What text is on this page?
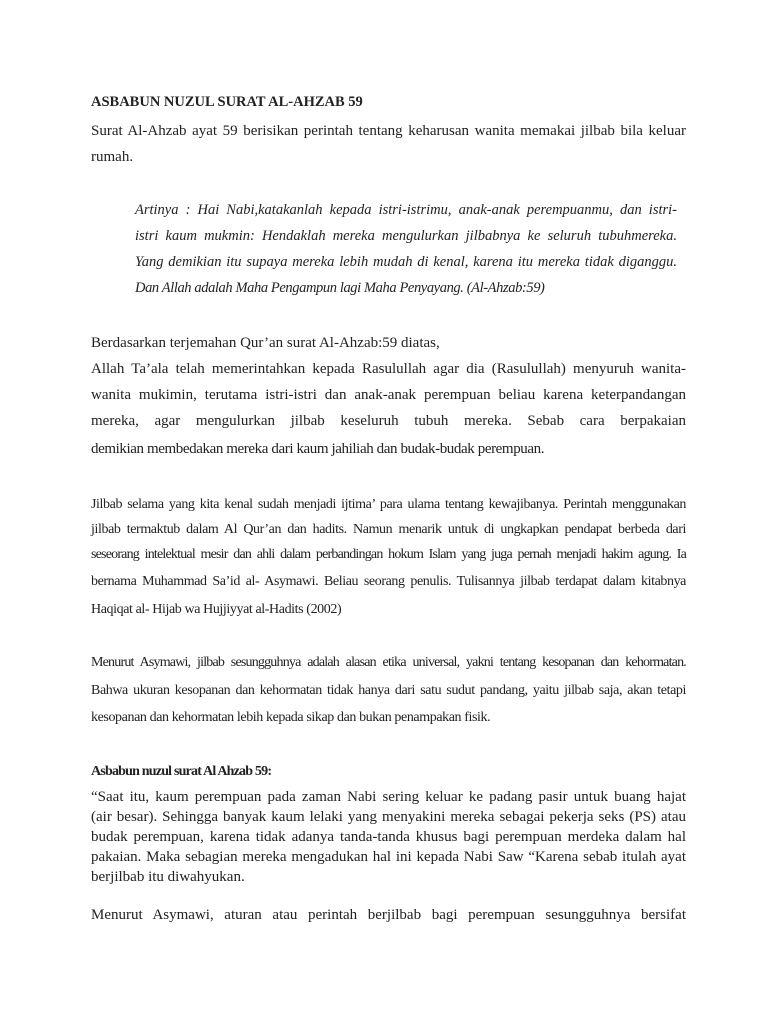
ASBABUN NUZUL SURAT AL-AHZAB 59
Surat Al-Ahzab ayat 59 berisikan perintah tentang keharusan wanita memakai jilbab bila keluar
rumah.
Artinya : Hai Nabi,katakanlah kepada istri-istrimu, anak-anak perempuanmu, dan istri-
istri kaum mukmin: Hendaklah mereka mengulurkan jilbabnya ke seluruh tubuhmereka.
Yang demikian itu supaya mereka lebih mudah di kenal, karena itu mereka tidak diganggu.
Dan Allah adalah Maha Pengampun lagi Maha Penyayang. (Al-Ahzab:59)
Berdasarkan terjemahan Qur’an surat Al-Ahzab:59 diatas,
Allah Ta’ala telah memerintahkan kepada Rasulullah agar dia (Rasulullah) menyuruh wanita-
wanita mukimin, terutama istri-istri dan anak-anak perempuan beliau karena keterpandangan
mereka, agar mengulurkan jilbab keseluruh tubuh mereka. Sebab cara berpakaian
demikian membedakan mereka dari kaum jahiliah dan budak-budak perempuan.
Jilbab selama yang kita kenal sudah menjadi ijtima’ para ulama tentang kewajibanya. Perintah menggunakan
jilbab termaktub dalam Al Qur’an dan hadits. Namun menarik untuk di ungkapkan pendapat berbeda dari
seseorang intelektual mesir dan ahli dalam perbandingan hokum Islam yang juga pernah menjadi hakim agung. Ia
bernama Muhammad Sa’id al- Asymawi. Beliau seorang penulis. Tulisannya jilbab terdapat dalam kitabnya
Haqiqat al- Hijab wa Hujjiyyat al-Hadits (2002)
Menurut Asymawi, jilbab sesungguhnya adalah alasan etika universal, yakni tentang kesopanan dan kehormatan.
Bahwa ukuran kesopanan dan kehormatan tidak hanya dari satu sudut pandang, yaitu jilbab saja, akan tetapi
kesopanan dan kehormatan lebih kepada sikap dan bukan penampakan fisik.
Asbabun nuzul surat Al Ahzab 59:
“Saat itu, kaum perempuan pada zaman Nabi sering keluar ke padang pasir untuk buang hajat
(air besar). Sehingga banyak kaum lelaki yang menyakini mereka sebagai pekerja seks (PS) atau
budak perempuan, karena tidak adanya tanda-tanda khusus bagi perempuan merdeka dalam hal
pakaian. Maka sebagian mereka mengadukan hal ini kepada Nabi Saw “Karena sebab itulah ayat
berjilbab itu diwahyukan.
Menurut Asymawi, aturan atau perintah berjilbab bagi perempuan sesungguhnya bersifat
